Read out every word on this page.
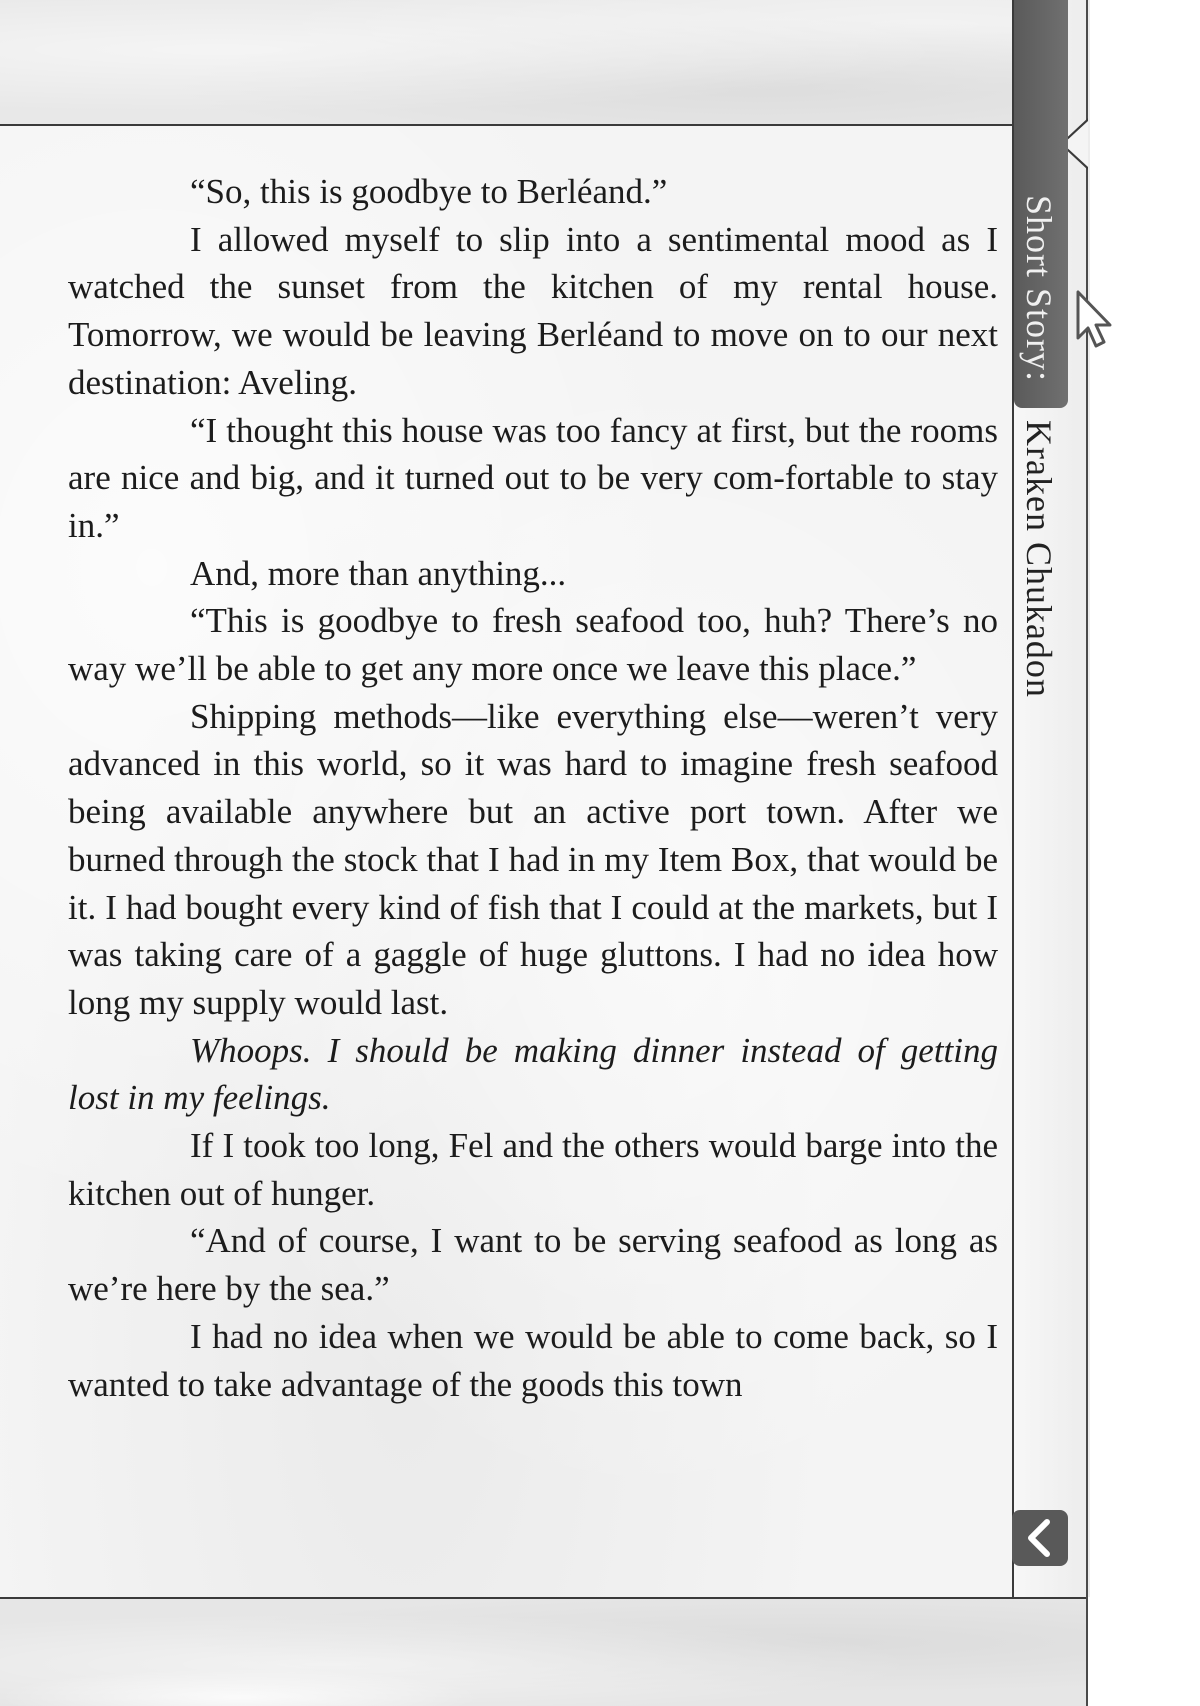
Short Story:
Kraken Chukadon

“So, this is goodbye to Berléand.”

I allowed myself to slip into a sentimental mood as I watched the sunset from the kitchen of my rental house. Tomorrow, we would be leaving Berléand to move on to our next destination: Aveling.

“I thought this house was too fancy at first, but the rooms are nice and big, and it turned out to be very com-fortable to stay in.”

And, more than anything...

“This is goodbye to fresh seafood too, huh? There’s no way we’ll be able to get any more once we leave this place.”

Shipping methods—like everything else—weren’t very advanced in this world, so it was hard to imagine fresh seafood being available anywhere but an active port town. After we burned through the stock that I had in my Item Box, that would be it. I had bought every kind of fish that I could at the markets, but I was taking care of a gaggle of huge gluttons. I had no idea how long my supply would last.

Whoops. I should be making dinner instead of getting lost in my feelings.

If I took too long, Fel and the others would barge into the kitchen out of hunger.

“And of course, I want to be serving seafood as long as we’re here by the sea.”

I had no idea when we would be able to come back, so I wanted to take advantage of the goods this town
